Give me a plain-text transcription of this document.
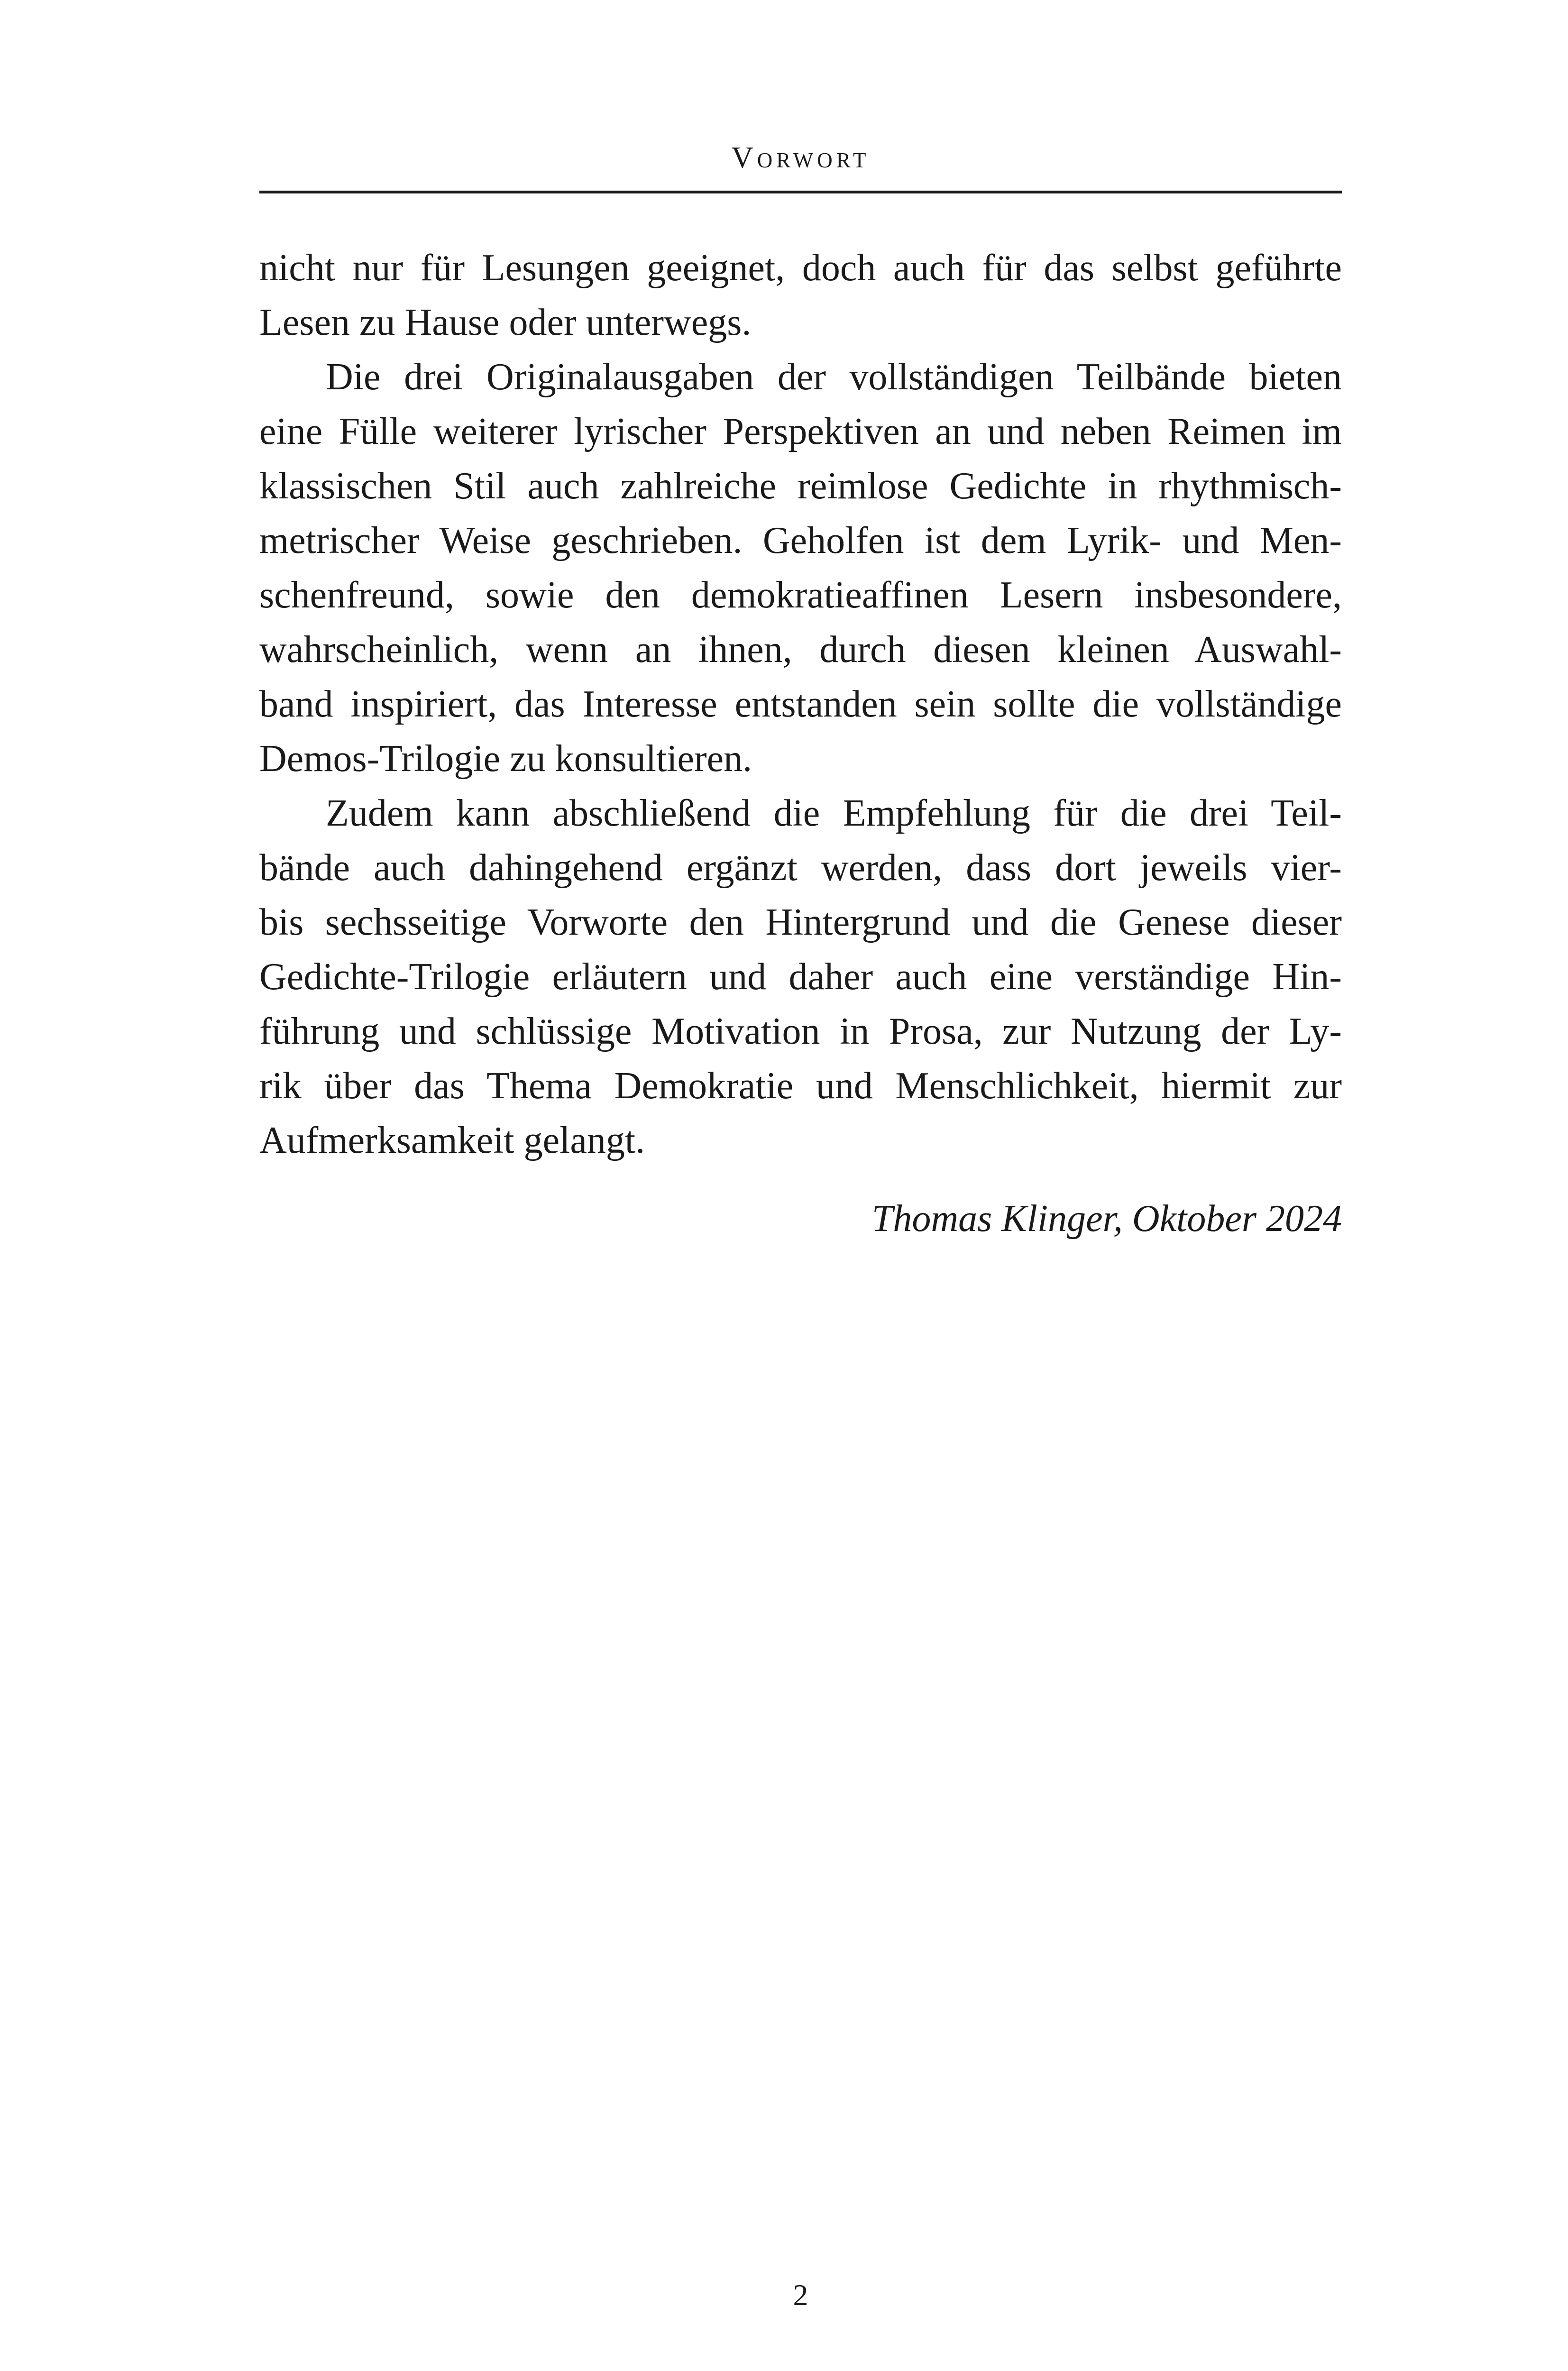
Vorwort
nicht nur für Lesungen geeignet, doch auch für das selbst geführte
Lesen zu Hause oder unterwegs.
Die drei Originalausgaben der vollständigen Teilbände bieten
eine Fülle weiterer lyrischer Perspektiven an und neben Reimen im
klassischen Stil auch zahlreiche reimlose Gedichte in rhythmisch-
metrischer Weise geschrieben. Geholfen ist dem Lyrik- und Men-
schenfreund, sowie den demokratieaffinen Lesern insbesondere,
wahrscheinlich, wenn an ihnen, durch diesen kleinen Auswahl-
band inspiriert, das Interesse entstanden sein sollte die vollständige
Demos-Trilogie zu konsultieren.
Zudem kann abschließend die Empfehlung für die drei Teil-
bände auch dahingehend ergänzt werden, dass dort jeweils vier-
bis sechsseitige Vorworte den Hintergrund und die Genese dieser
Gedichte-Trilogie erläutern und daher auch eine verständige Hin-
führung und schlüssige Motivation in Prosa, zur Nutzung der Ly-
rik über das Thema Demokratie und Menschlichkeit, hiermit zur
Aufmerksamkeit gelangt.
Thomas Klinger, Oktober 2024
2
